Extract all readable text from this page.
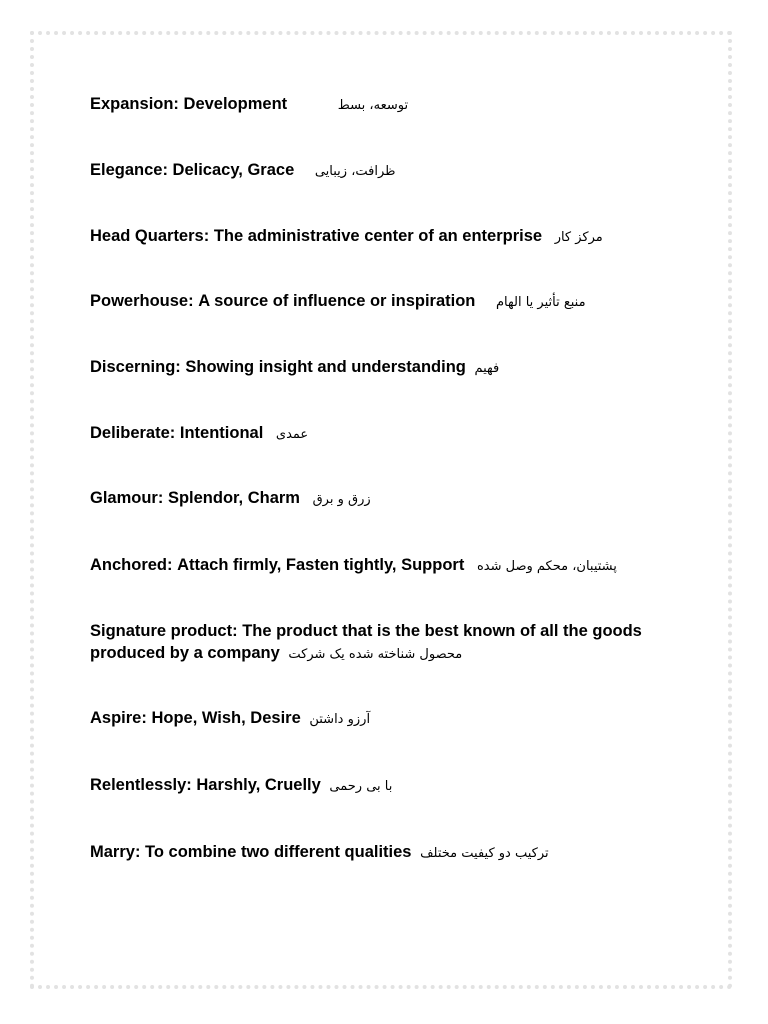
Expansion: Development	توسعه، بسط
Elegance: Delicacy, Grace ظرافت، زیبایی
Head Quarters: The administrative center of an enterprise مرکز کار
Powerhouse: A source of influence or inspiration منبع تأثیر یا الهام
Discerning: Showing insight and understanding فهیم
Deliberate: Intentional عمدی
Glamour: Splendor, Charm زرق و برق
Anchored: Attach firmly, Fasten tightly, Support پشتیبان، محکم وصل شده
Signature product: The product that is the best known of all the goods produced by a company محصول شناخته شده یک شرکت
Aspire: Hope, Wish, Desire آرزو داشتن
Relentlessly: Harshly, Cruelly با بی رحمی
Marry: To combine two different qualities ترکیب دو کیفیت مختلف
